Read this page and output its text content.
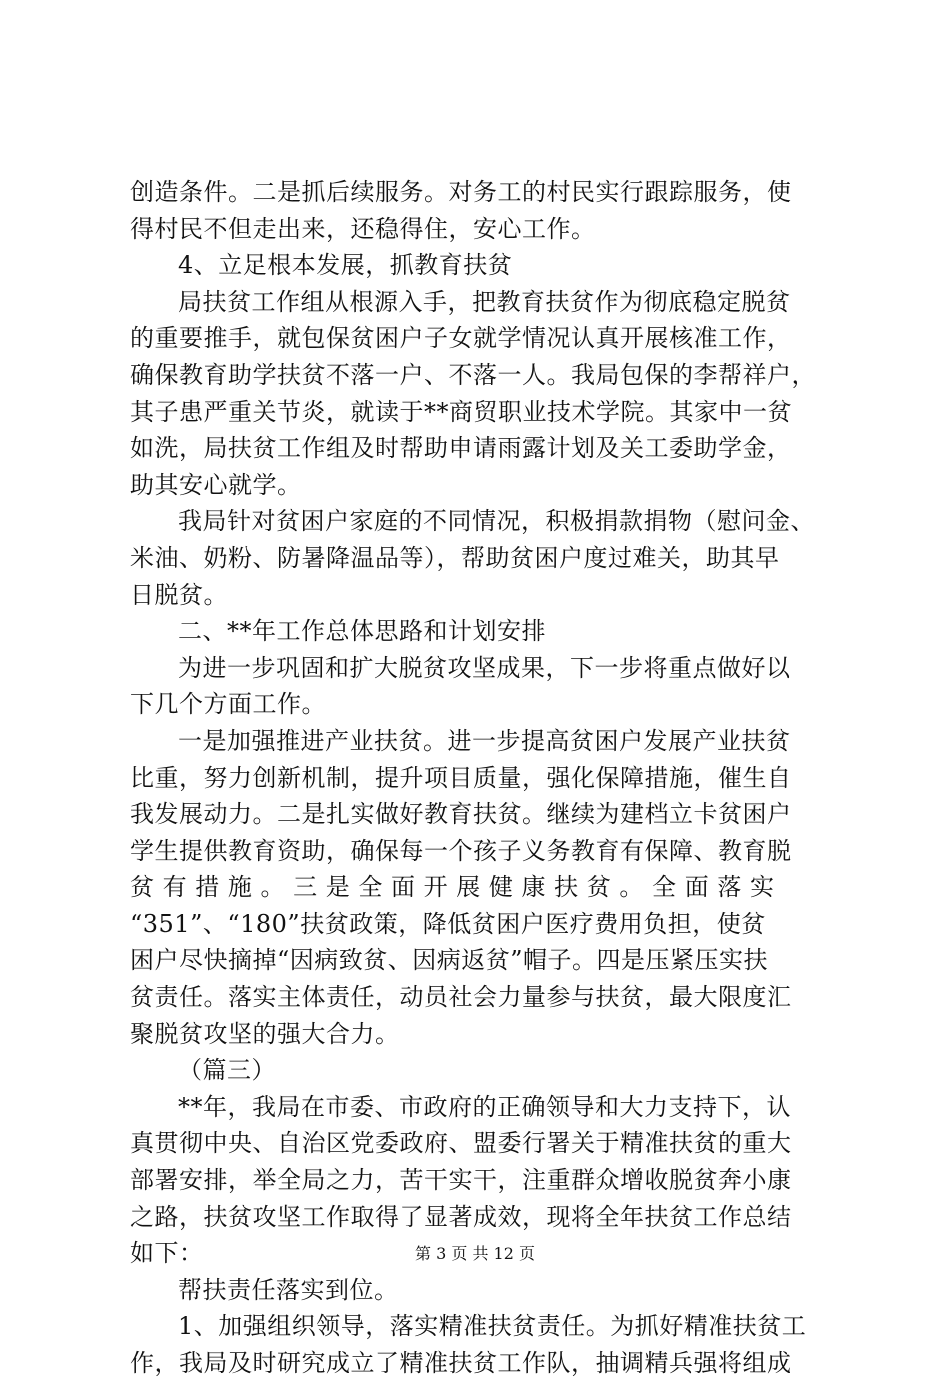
创造条件。二是抓后续服务。对务工的村民实行跟踪服务，使
得村民不但走出来，还稳得住，安心工作。
4、立足根本发展，抓教育扶贫
局扶贫工作组从根源入手，把教育扶贫作为彻底稳定脱贫
的重要推手，就包保贫困户子女就学情况认真开展核准工作，
确保教育助学扶贫不落一户、不落一人。我局包保的李帮祥户，
其子患严重关节炎，就读于**商贸职业技术学院。其家中一贫
如洗，局扶贫工作组及时帮助申请雨露计划及关工委助学金，
助其安心就学。
我局针对贫困户家庭的不同情况，积极捐款捐物（慰问金、
米油、奶粉、防暑降温品等），帮助贫困户度过难关，助其早
日脱贫。
二、**年工作总体思路和计划安排
为进一步巩固和扩大脱贫攻坚成果，下一步将重点做好以
下几个方面工作。
一是加强推进产业扶贫。进一步提高贫困户发展产业扶贫
比重，努力创新机制，提升项目质量，强化保障措施，催生自
我发展动力。二是扎实做好教育扶贫。继续为建档立卡贫困户
学生提供教育资助，确保每一个孩子义务教育有保障、教育脱
贫 有 措 施 。 三 是 全 面 开 展 健 康 扶 贫 。 全 面 落 实
“351”、“180”扶贫政策，降低贫困户医疗费用负担，使贫
困户尽快摘掉“因病致贫、因病返贫”帽子。四是压紧压实扶
贫责任。落实主体责任，动员社会力量参与扶贫，最大限度汇
聚脱贫攻坚的强大合力。
（篇三）
**年，我局在市委、市政府的正确领导和大力支持下，认
真贯彻中央、自治区党委政府、盟委行署关于精准扶贫的重大
部署安排，举全局之力，苦干实干，注重群众增收脱贫奔小康
之路，扶贫攻坚工作取得了显著成效，现将全年扶贫工作总结
如下：
帮扶责任落实到位。
1、加强组织领导，落实精准扶贫责任。为抓好精准扶贫工
作，我局及时研究成立了精准扶贫工作队，抽调精兵强将组成
第 3 页 共 12 页
